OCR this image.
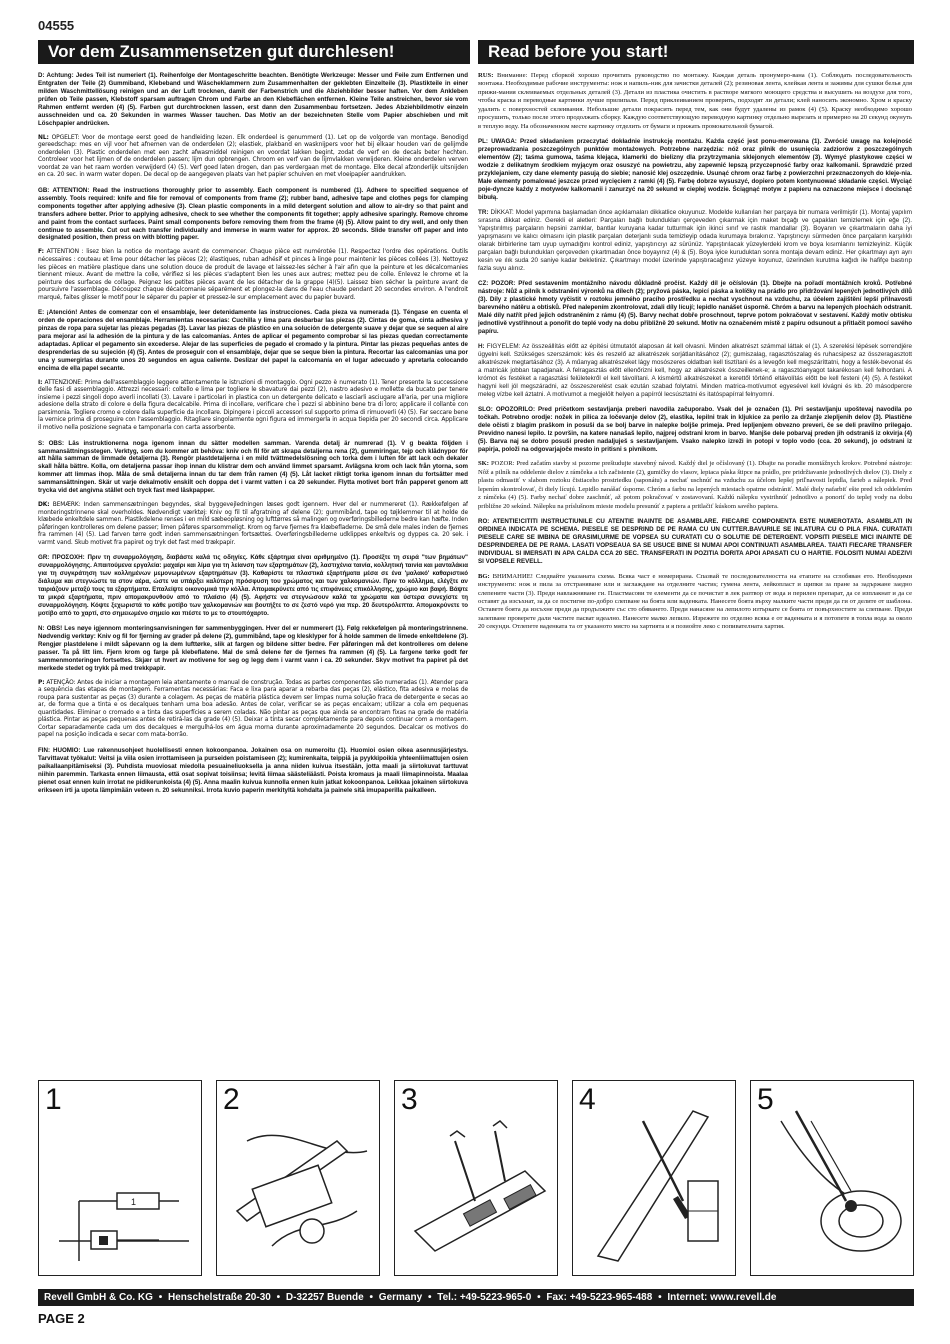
04555
Vor dem Zusammensetzen gut durchlesen!	Read before you start!

D: Achtung: Jedes Teil ist numeriert (1). Reihenfolge der Montageschritte beachten. Benötigte Werkzeuge: Messer und Feile zum Entfernen und Entgraten der Teile (2) Gummiband, Klebeband und Wäscheklammern zum Zusammenhalten der geklebten Einzelteile (3). Plastikteile in einer milden Waschmittellösung reinigen und an der Luft trocknen, damit der Farbenstrich und die Abziehbilder besser haften. Vor dem Ankleben prüfen ob Teile passen, Klebstoff sparsam auftragen Chrom und Farbe an den Klebeflächen entfernen. Kleine Teile anstreichen, bevor sie vom Rahmen entfernt werden (4) (5). Farben gut durchtrocknen lassen, erst dann den Zusammenbau fortsetzen. Jedes Abziehbildmotiv einzeln ausschneiden und ca. 20 Sekunden in warmes Wasser tauchen. Das Motiv an der bezeichneten Stelle vom Papier abschieben und mit Löschpapier andrücken.

NL: OPGELET: Voor de montage eerst goed de handleiding lezen. Elk onderdeel is genummerd (1). Let op de volgorde van montage. Benodigd gereedschap: mes en vijl voor het afnemen van de onderdelen (2); elastiek, plakband en wasknijpers voor het bij elkaar houden van de gelijmde onderdelen (3). Plastic onderdelen met een zacht afwasmiddel reinigen en voordat lakken begint, zodat de verf en de decals beter hechten. Controleer voor het lijmen of de onderdelen passen; lijm dun opbrengen. Chroom en verf van de lijmvlakken verwijderen. Kleine onderdelen verven voordat ze van het raam worden verwijderd (4) (5). Verf goed laten drogen, dan pas verdergaan met de montage. Elke decal afzonderlijk uitsnijden en ca. 20 sec. in warm water dopen. De decal op de aangegeven plaats van het papier schuiven en met vloeipapier aandrukken.

GB: ATTENTION: Read the instructions thoroughly prior to assembly. Each component is numbered (1). Adhere to specified sequence of assembly. Tools required: knife and file for removal of components from frame (2); rubber band, adhesive tape and clothes pegs for clamping components together after applying adhesive (3). Clean plastic components in a mild detergent solution and allow to air-dry so that paint and transfers adhere better. Prior to applying adhesive, check to see whether the components fit together; apply adhesive sparingly. Remove chrome and paint from the contact surfaces. Paint small components before removing them from the frame (4) (5). Allow paint to dry well, and only then continue to assemble. Cut out each transfer individually and immerse in warm water for approx. 20 seconds. Slide transfer off paper and into designated position, then press on with blotting paper.

F: ATTENTION : lisez bien la notice de montage avant de commencer. Chaque pièce est numérotée (1). Respectez l'ordre des opérations. Outils nécessaires : couteau et lime pour détacher les pièces (2); élastiques, ruban adhésif et pinces à linge pour maintenir les pièces collées (3). Nettoyez les pièces en matière plastique dans une solution douce de produit de lavage et laissez-les sécher à l'air afin que la peinture et les décalcomanies tiennent mieux. Avant de mettre la colle, vérifiez si les pièces s'adaptent bien les unes aux autres; mettez peu de colle. Enlevez le chrome et la peinture des surfaces de collage. Peignez les petites pièces avant de les détacher de la grappe (4)(5). Laissez bien sécher la peinture avant de poursuivre l'assemblage. Découpez chaque décalcomanie séparément et plongez-la dans de l'eau chaude pendant 20 secondes environ. A l'endroit marqué, faites glisser le motif pour le séparer du papier et pressez-le sur emplacement avec du papier buvard.

E: ¡Atención! Antes de comenzar con el ensamblaje, leer detenidamente las instrucciones. Cada pieza va numerada (1). Téngase en cuenta el orden de operaciones del ensamblaje. Herramientas necesarias: Cuchilla y lima para desbarbar las piezas (2). Cintas de goma, cinta adhesiva y pinzas de ropa para sujetar las piezas pegadas (3). Lavar las piezas de plástico en una solución de detergente suave y dejar que se sequen al aire para mejorar así la adhesión de la pintura y de las calcomanías. Antes de aplicar el pegamento comprobar si las piezas quedan correctamente adaptadas. Aplicar el pegamento sin excederse. Alejar de las superficies de pegado el cromado y la pintura. Pintar las piezas pequeñas antes de desprenderlas de su sujeción (4) (5). Antes de proseguir con el ensamblaje, dejar que se seque bien la pintura. Recortar las calcomanías una por una y sumergirlas durante unos 20 segundos en agua caliente. Deslizar del papel la calcomanía en el lugar adecuado y apretarla colocando encima de ella papel secante.

I: ATTENZIONE: Prima dell'assemblaggio leggere attentamente le istruzioni di montaggio. Ogni pezzo è numerato (1). Tener presente la successione delle fasi di assemblaggio. Attrezzi necessari: coltello e lima per togliere le sbavature dai pezzi (2), nastro adesivo e mollette da bucato per tenere insieme i pezzi singoli dopo averli incollati (3). Lavare i particolari in plastica con un detergente delicato e lasciarli asciugare all'aria, per una migliore adesione della strato di colore e della figura decalcabile. Prima di incollare, verificare che i pezzi si abbinino bene tra di loro; applicare il collante con parsimonia. Togliere cromo e colore dalla superficie da incollare. Dipingere i piccoli accessori sul supporto prima di rimuoverli (4) (5). Far seccare bene la vernice prima di proseguire con l'assemblaggio. Ritagliare singolarmente ogni figura ed immergerla in acqua tiepida per 20 secondi circa. Applicare il motivo nella posizione segnata e tamponarla con carta assorbente.

S: OBS: Läs instruktionerna noga igenom innan du sätter modellen samman. Varenda detalj är numrerad (1). V g beakta följden i sammansättningsstegen. Verktyg, som du kommer att behöva: kniv och fil för att skrapa detaljerna rena (2), gummiringar, tejp och klädnypor för att hålla samman de limmade detaljerna (3). Rengör plastdetaljerna i en mild tvättmedelslösning och torka dem i luften för att lack och dekaler skall hålla bättre. Kolla, om detaljerna passar ihop innan du klistrar dem och använd limmet sparsamt. Avlägsna krom och lack från ytorna, som kommer att limmas ihop. Måla de små detaljerna innan du tar dem från ramen (4) (5). Låt lacket riktigt torka igenom innan du fortsätter med sammansättningen. Skär ut varje dekalmotiv enskilt och doppa det i varmt vatten i ca 20 sekunder. Flytta motivet bort från papperet genom att trycka vid det angivna stället och tryck fast med läskpapper.

DK: BEMÆRK: Inden sammensætningen begyndes, skal byggevejledningen læses godt igennem. Hver del er nummereret (1). Rækkefølgen af monteringstrinnene skal overholdes. Nødvendigt værktøj: Kniv og fil til afgratning af delene (2); gummibånd, tape og tøjklemmer til at holde de klæbede enkeltdele sammen. Plastikdelene renses i en mild sæbeopløsning og lufttørres så malingen og overføringsbillederne bedre kan hæfte. Inden påføringen kontrolleres om delene passer; limen påføres sparsommeligt. Krom og farve fjernes fra klæbefladerne. De små dele males inden de fjernes fra rammen (4) (5). Lad farven tørre godt inden sammensætningen fortsættes. Overføringsbillederne udklippes enkeltvis og dyppes ca. 20 sek. i varmt vand. Skub motivet fra papiret og tryk det fast med trækpapir.

GR: ΠΡΟΣΟΧΗ: Πριν τη συναρμολόγηση, διαβάστε καλά τις οδηγίες. Κάθε εξάρτημα είναι αριθμημένο (1). Προσέξτε τη σειρά "των βημάτων" συναρμολόγησης. Απαιτούμενα εργαλεία: μαχαίρι και λίμα για τη λείανση των εξαρτημάτων (2), λαστιχένια ταινία, κολλητική ταινία και μανταλάκια για τη συγκράτηση των κολλημένων μεμονωμένων εξαρτημάτων (3). Καθαρίστε τα πλαστικά εξαρτήματα μέσα σε ένα 'μαλακό' καθαριστικό διάλυμα και στεγνώστε τα στον αέρα, ώστε να υπάρξει καλύτερη πρόσφυση του χρώματος και των χαλκομανιών. Πριν το κόλλημα, ελέγξτε αν ταιριάζουν μεταξύ τους τα εξαρτήματα. Επαλείψτε οικονομικά την κόλλα. Απομακρύνετε από τις επιφάνειες επικόλλησης, χρώμιο και βαφή. Βάψτε τα μικρά εξαρτήματα, πριν απομακρυνθούν από το πλαίσιο (4) (5). Αφήστε να στεγνώσουν καλά τα χρώματα και ύστερα συνεχίστε τη συναρμολόγηση. Κόψτε ξεχωριστά το κάθε μοτίβο των χαλκομανιών και βουτήξτε το σε ζεστό νερό για περ. 20 δευτερόλεπτα. Απομακρύνετε το μοτίβο από το χαρτί, στο σημειωμένο σημείο και πιέστε το με το στουπόχαρτο.

N: OBS! Les nøye igjennom monteringsanvisningen før sammenbyggingen. Hver del er nummerert (1). Følg rekkefølgen på monteringstrinnene. Nødvendig verktøy: Kniv og fil for fjerning av grader på delene (2), gummibånd, tape og klesklyper for å holde sammen de limede enkeltdelene (3). Rengjør plastdelene i mildt såpevann og la dem lufttørke, slik at fargen og bildene sitter bedre. Før påføringen må det kontrolleres om delene passer. Ta på litt lim. Fjern krom og farge på klebeflatene. Mal de små delene før de fjernes fra rammen (4) (5). La fargene tørke godt før sammenmonteringen fortsettes. Skjær ut hvert av motivene for seg og legg dem i varmt vann i ca. 20 sekunder. Skyv motivet fra papiret på det merkede stedet og trykk på med trekkpapir.

P: ATENÇÃO: Antes de iniciar a montagem leia atentamente o manual de construção. Todas as partes componentes são numeradas (1). Atender para a sequência das etapas de montagem. Ferramentas necessárias: Faca e lixa para aparar a rebarba das peças (2), elástico, fita adesiva e molas de roupa para sustentar as peças (3) durante a colagem. As peças de matéria plástica devem ser limpas numa solução fraca de detergente e secas ao ar, de forma que a tinta e os decalques tenham uma boa adesão. Antes de colar, verificar se as peças encaixam; utilizar a cola em pequenas quantidades. Eliminar o cromado e a tinta das superfícies a serem coladas. Não pintar as peças que ainda se encontram fixas na grade de matéria plástica. Pintar as peças pequenas antes de retirá-las da grade (4) (5). Deixar a tinta secar completamente para depois continuar com a montagem. Cortar separadamente cada um dos decalques e mergulhá-los em água morna durante aproximadamente 20 segundos. Decalcar os motivos do papel na posição indicada e secar com mata-borrão.

FIN: HUOMIO: Lue rakennusohjeet huolellisesti ennen kokoonpanoa. Jokainen osa on numeroitu (1). Huomioi osien oikea asennusjärjestys. Tarvittavat työkalut: Veitsi ja viila osien irrottamiseen ja purseiden poistamiseen (2); kumirenkaita, teippiä ja pyykkipoikia yhteenliimattujen osien paikallaanpitämiseksi (3). Puhdista muoviosat miedolla pesuaineliuoksella ja anna niiden kuivua itsestään, jotta maali ja siirtokuvat tarttuvat niihin paremmin. Tarkasta ennen liimausta, että osat sopivat toisiinsa; levitä liimaa säästeliäästi. Poista kromaus ja maali liimapinnoista. Maalaa pienet osat ennen kuin irrotat ne pidikerunkoista (4) (5). Anna maalin kuivua kunnolla ennen kuin jatkat kokoonpanoa. Leikkaa jokainen siirtokuva erikseen irti ja upota lämpimään veteen n. 20 sekunniksi. Irrota kuvio paperin merkityltä kohdalta ja painele sitä imupaperilla paikalleen.

RUS: Внимание: Перед сборкой хорошо прочитать руководство по монтажу. Каждая деталь пронумеро-вана (1). Соблюдать последовательность монтажа. Необходимые рабочие инструменты: нож и напиль-ник для зачистки деталей (2); резиновая лента, клейкая лента и зажимы для сушки белья для прижи-мания склеиваемых отдельных деталей (3). Детали из пластика очистить в растворе мягкого моющего средства и высушить на воздухе для того, чтобы краска и переводные картинки лучше прилипали. Перед приклеиванием проверить, подходят ли детали; клей наносить экономно. Хром и краску удалить с поверхностей склеивания. Небольшие детали покрасить перед тем, как они будут удалены из рамок (4) (5). Краску необходимо хорошо просушить, только после этого продолжать сборку. Каждую соответствующую переводную картинку отдельно вырезать и примерно на 20 секунд окунуть в теплую воду. На обозначенном месте картинку отделить от бумаги и прижать промокательной бумагой.

PL: UWAGA: Przed składaniem przeczytać dokładnie instrukcję montażu. Każda część jest ponu-merowana (1). Zwrócić uwagę na kolejność przeprowadzania poszczególnych punktów montażowych. Potrzebne narzędzia: nóż oraz pilnik do usunięcia zadziorów z poszczególnych elementów (2); taśma gumowa, taśma klejąca, klamerki do bielizny dla przytrzymania sklejonych elementów (3). Wymyć plastykowe części w wodzie z delikatnym środkiem myjącym oraz osuszyć na powietrzu, aby zapewnić lepszą przyczepność farby oraz kalkomanii. Sprawdzić przed przyklejaniem, czy dane elementy pasują do siebie; nanosić klej oszczędnie. Usunąć chrom oraz farbę z powierzchni przeznaczonych do kleje-nia. Małe elementy pomalować jeszcze przed wycięciem z ramki (4) (5). Farbę dobrze wysuszyć, dopiero potem kontynuować składanie części. Wyciąć poje-dyncze każdy z motywów kalkomanii i zanurzyć na 20 sekund w ciepłej wodzie. Ściągnąć motyw z papieru na oznaczone miejsce i docisnąć bibułą.

TR: DİKKAT: Model yapımına başlamadan önce açıklamaları dikkatlice okuyunuz. Modelde kullanılan her parçaya bir numara verilmiştir (1). Montaj yapılım sırasına dikkat ediniz. Gerekli el aletleri: Parçaları bağlı bulundukları çerçeveden çıkarmak için maket bıçağı ve çapakları temizlemek için eğe (2). Yapıştırılmış parçaların hepsini zamklar, bantlar kuruyana kadar tutturmak için ikinci sınıf ve rastık mandallar (3). Boyanın ve çıkartmaların daha iyi yapışmasını ve kalıcı olmasını için plastik parçaları deterjanlı suda temizleyip odada kurumaya bırakınız. Yapıştırıcıyı sürmeden önce parçaların karşılıklı olarak birbirlerine tam uyup uymadığını kontrol ediniz, yapıştırıcıyı az sürünüz. Yapıştırılacak yüzeylerdeki krom ve boya kısımlarını temizleyiniz. Küçük parçaları bağlı bulundukları çerçeveden çıkartmadan önce boyayınız (4) & (5). Boya iyice kuruduktan sonra montaja devam ediniz. Her çıkartmayı ayrı ayrı kesin ve ılık suda 20 saniye kadar bekletiniz. Çıkartmayı model üzerinde yapıştıracağınız yüzeye koyunuz, üzerinden kurutma kağıdı ile hafifçe bastırıp fazla suyu alınız.

CZ: POZOR: Před sestavením montážního návodu důkladně pročíst. Každý díl je očíslován (1). Dbejte na pořadí montážních kroků. Potřebné nástroje: Nůž a pilník k odstranění výronků na dílech (2); pryžová páska, lepicí páska a kolíčky na prádlo pro přidržování lepených jednotlivých dílů (3). Díly z plastické hmoty vyčistit v roztoku jemného pracího prostředku a nechat vyschnout na vzduchu, za účelem zajištění lepší přilnavosti barevného nátěru a obtisků. Před nalepením zkontrolovat, zdali díly lícují; lepidlo nanášet úsporně. Chróm a barvu na lepených plochách odstranit. Malé díly natřít před jejich odstraněním z rámu (4) (5). Barvy nechat dobře proschnout, teprve potom pokračovat v sestavení. Každý motiv obtisku jednotlivě vystřihnout a ponořit do teplé vody na dobu přibližně 20 sekund. Motiv na označeném místě z papíru odsunout a přitlačit pomocí savého papíru.

H: FIGYELEM: Az összeállítás előtt az építési útmutatót alaposan át kell olvasni. Minden alkatrészt számmal láttak el (1). A szerelési lépések sorrendjére ügyelni kell. Szükséges szerszámok: kés és reszelő az alkatrészek sorjátlanításához (2); gumiszalag, ragasztószalag és ruhacsipesz az összeragasztott alkatrészek megtartásához (3). A műanyag alkatrészeket lágy mosószeres oldatban kell tisztítani és a levegőn kell megszáríttatni, hogy a festék-bevonat és a matricák jobban tapadjanak. A felragasztás előtt ellenőrizni kell, hogy az alkatrészek összeillenek-e; a ragasztóanyagot takarékosan kell felhordani. A krómot és festéket a ragasztási felületekről el kell távolítani. A kismértű alkatrészeket a kerettől történő eltávolítás előtt be kell festeni (4) (5). A festéket hagyni kell jól megszáradni, az összeszerelést csak ezután szabad folytatni. Minden matrica-motívumot egyesével kell kivágni és kb. 20 másodpercre meleg vízbe kell áztatni. A motívumot a megjelölt helyen a papírról lecsúsztatni és itatóspapírral felnyomni.

SLO: OPOZORILO: Pred pričetkom sestavljanja preberi navodila začuporabo. Vsak del je označen (1). Pri sestavljanju upoštevaj navodila po točkah. Potrebno orodje: nožek in pilica za ločevanje delov (2), elastika, lepilni trak in kljukice za perilo za držanje zlepljenih delov (3). Plastične dele očisti z blagim praškom in posuši da se bolj barve in nalepke boljše primeja. Pred lepljenjem obvezno preveri, če se deli pravilno prilegajo. Previdno nanesi lepilo. Iz površin, na katere nanašaš lepilo, najprej odstrani krom in barvo. Manjše dele pobarvaj preden jih odstraniš iz okvirja (4)(5). Barva naj se dobro posuši preden nadaljuješ s sestavljanjem. Vsako nalepko izreži in potopi v toplo vodo (cca. 20 sekund), jo odstrani iz papirja, položi na odgovarjajoče mesto in pritisni s pivnikom.

SK: POZOR: Pred začatím stavby si pozorne preštudujte stavebný návod. Každý diel je očíslovaný (1). Dbajte na poradie montážnych krokov. Potrebné nástroje: Nôž a pilník na oddelenie dielov z rámčeka a ich začistenie (2), gumičky do vlasov, lepiaca páska štipce na prádlo, pre pridržiavanie jednotlivých dielov (3). Diely z plastu odmastiť v slabom roztoku čistiaceho prostriedku (saponátu) a nechať uschnúť na vzduchu za účelom lepšej priľnavosti lepidla, farieb a nálepiek. Pred lepením skontrolovať, či diely lícujú. Lepidlo nanášať úsporne. Chróm a farbu na lepených miestach opatrne odstrániť. Malé diely nafarbiť ešte pred ich oddelením z rámčeka (4) (5). Farby nechať dobre zaschnúť, až potom pokračovať v zostavovaní. Každú nálepku vystrihnúť jednotlivo a ponoriť do teplej vody na dobu približne 20 sekúnd. Nálepku na príslušnom mieste modelu presunúť z papiera a pritlačiť kúskom savého papiera.

RO: ATENTIE!CITITI INSTRUCTIUNILE CU ATENTIE INAINTE DE ASAMBLARE. FIECARE COMPONENTA ESTE NUMEROTATA. ASAMBLATI IN ORDINEA INDICATA PE SCHEMA. PIESELE SE DESPRIND DE PE RAMA CU UN CUTTER.BAVURILE SE INLATURA CU O PILA FINA. CURATATI PIESELE CARE SE IMBINA DE GRASIMI,URME DE VOPSEA SU CURATATI CU O SOLUTIE DE DETERGENT. VOPSITI PIESELE MICI INAINTE DE DESPRINDEREA DE PE RAMA. LASATI VOPSEAUA SA SE USUCE BINE SI NUMAI APOI CONTINUATI ASAMBLAREA. TAIATI FIECARE TRANSFER INDIVIDUAL SI IMERSATI IN APA CALDA CCA 20 SEC. TRANSFERATI IN POZITIA DORITA APOI APASATI CU O HARTIE. FOLOSITI NUMAI ADEZIVI SI VOPSELE REVELL.

BG: ВНИМАНИЕ! Следвайте указаната схема. Всяка част е номерирана. Спазвай те последователността на етапите на сглобяван ето. Необходими инструменти: нож и пила за отстраняване или и заглаждане на отделните частиs; гумена лента, лейкопласт и щипки за пране за задържане заедно слепените части (3). Преди навлажняване ги. Пластмасови те елементи да се почистат в лек разтвор от вода и перилен препарат, да се изплакнат и да се оставят да изсъхнат, за да се постигне по-добро слепване на боята или ваденката. Нанесете боята върху малките части преди да ги от делите от шаблона. Оставете боята да изсъхне преди да продължите със сто обяването. Преди нанасяне на лепилото изтъркате се боята от повърхностите за слепване. Преди залепване проверете дали частите пасват идеално. Нанесете малко лепило. Изрежете по отделно всяка е от ваденката и я потопете в топла вода за около 20 секунди. Отлепете ваденката та от указаното място на хартията и я позиойте леко с попивателната хартия.

1
1
2	3	4	5
Revell GmbH & Co. KG • Henschelstraße 20-30 • D-32257 Buende • Germany • Tel.: +49-5223-965-0 • Fax: +49-5223-965-488 • Internet: www.revell.de
PAGE 2
